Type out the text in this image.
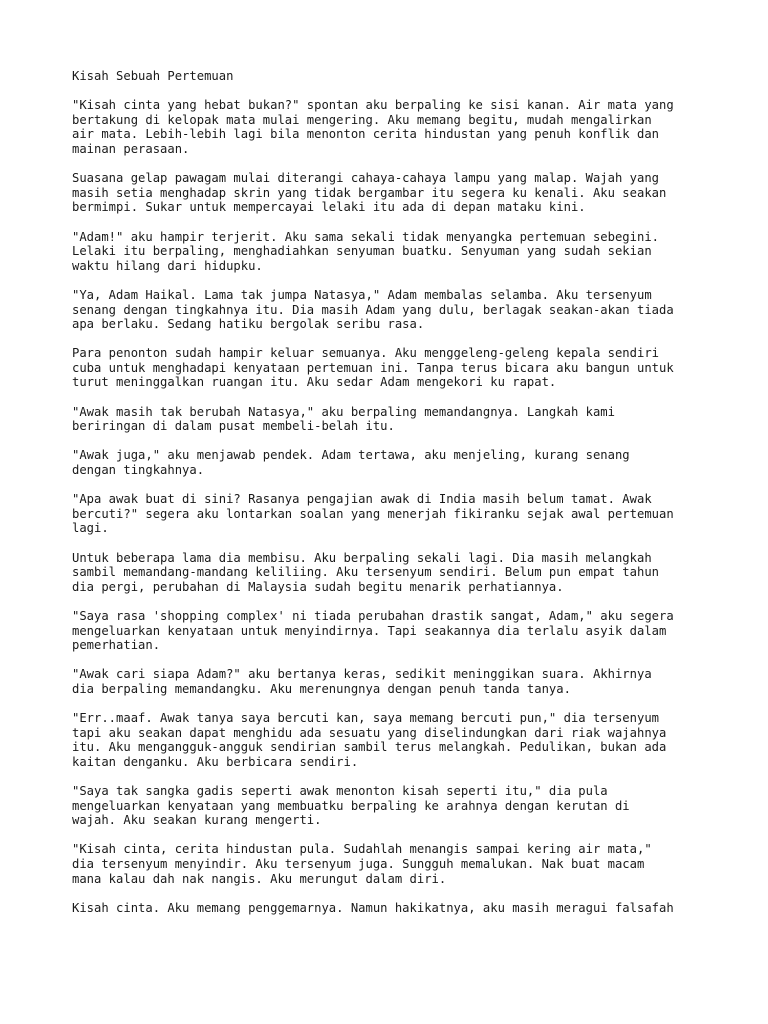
Kisah Sebuah Pertemuan
"Kisah cinta yang hebat bukan?" spontan aku berpaling ke sisi kanan. Air mata yang
bertakung di kelopak mata mulai mengering. Aku memang begitu, mudah mengalirkan
air mata. Lebih-lebih lagi bila menonton cerita hindustan yang penuh konflik dan
mainan perasaan.
Suasana gelap pawagam mulai diterangi cahaya-cahaya lampu yang malap. Wajah yang
masih setia menghadap skrin yang tidak bergambar itu segera ku kenali. Aku seakan
bermimpi. Sukar untuk mempercayai lelaki itu ada di depan mataku kini.
"Adam!" aku hampir terjerit. Aku sama sekali tidak menyangka pertemuan sebegini.
Lelaki itu berpaling, menghadiahkan senyuman buatku. Senyuman yang sudah sekian
waktu hilang dari hidupku.
"Ya, Adam Haikal. Lama tak jumpa Natasya," Adam membalas selamba. Aku tersenyum
senang dengan tingkahnya itu. Dia masih Adam yang dulu, berlagak seakan-akan tiada
apa berlaku. Sedang hatiku bergolak seribu rasa.
Para penonton sudah hampir keluar semuanya. Aku menggeleng-geleng kepala sendiri
cuba untuk menghadapi kenyataan pertemuan ini. Tanpa terus bicara aku bangun untuk
turut meninggalkan ruangan itu. Aku sedar Adam mengekori ku rapat.
"Awak masih tak berubah Natasya," aku berpaling memandangnya. Langkah kami
beriringan di dalam pusat membeli-belah itu.
"Awak juga," aku menjawab pendek. Adam tertawa, aku menjeling, kurang senang
dengan tingkahnya.
"Apa awak buat di sini? Rasanya pengajian awak di India masih belum tamat. Awak
bercuti?" segera aku lontarkan soalan yang menerjah fikiranku sejak awal pertemuan
lagi.
Untuk beberapa lama dia membisu. Aku berpaling sekali lagi. Dia masih melangkah
sambil memandang-mandang keliliing. Aku tersenyum sendiri. Belum pun empat tahun
dia pergi, perubahan di Malaysia sudah begitu menarik perhatiannya.
"Saya rasa 'shopping complex' ni tiada perubahan drastik sangat, Adam," aku segera
mengeluarkan kenyataan untuk menyindirnya. Tapi seakannya dia terlalu asyik dalam
pemerhatian.
"Awak cari siapa Adam?" aku bertanya keras, sedikit meninggikan suara. Akhirnya
dia berpaling memandangku. Aku merenungnya dengan penuh tanda tanya.
"Err..maaf. Awak tanya saya bercuti kan, saya memang bercuti pun," dia tersenyum
tapi aku seakan dapat menghidu ada sesuatu yang diselindungkan dari riak wajahnya
itu. Aku mengangguk-angguk sendirian sambil terus melangkah. Pedulikan, bukan ada
kaitan denganku. Aku berbicara sendiri.
"Saya tak sangka gadis seperti awak menonton kisah seperti itu," dia pula
mengeluarkan kenyataan yang membuatku berpaling ke arahnya dengan kerutan di
wajah. Aku seakan kurang mengerti.
"Kisah cinta, cerita hindustan pula. Sudahlah menangis sampai kering air mata,"
dia tersenyum menyindir. Aku tersenyum juga. Sungguh memalukan. Nak buat macam
mana kalau dah nak nangis. Aku merungut dalam diri.
Kisah cinta. Aku memang penggemarnya. Namun hakikatnya, aku masih meragui falsafah
